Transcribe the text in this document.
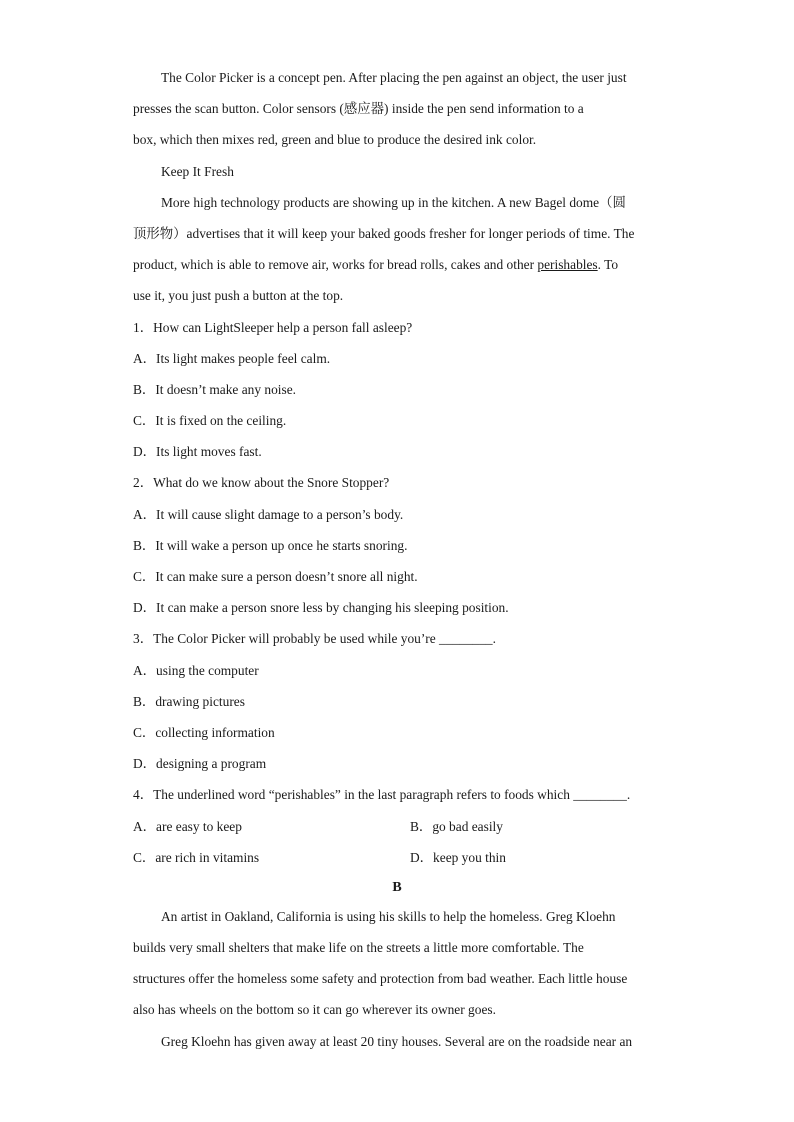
The Color Picker is a concept pen. After placing the pen against an object, the user just

presses the scan button. Color sensors (感应器) inside the pen send information to a

box, which then mixes red, green and blue to produce the desired ink color.

Keep It Fresh

More high technology products are showing up in the kitchen. A new Bagel dome（圆

顶形物）advertises that it will keep your baked goods fresher for longer periods of time. The

product, which is able to remove air, works for bread rolls, cakes and other perishables. To

use it, you just push a button at the top.

1．How can LightSleeper help a person fall asleep?

A．Its light makes people feel calm.

B．It doesn’t make any noise.

C．It is fixed on the ceiling.

D．Its light moves fast.

2．What do we know about the Snore Stopper?

A．It will cause slight damage to a person’s body.

B．It will wake a person up once he starts snoring.

C．It can make sure a person doesn’t snore all night.

D．It can make a person snore less by changing his sleeping position.

3．The Color Picker will probably be used while you’re ________.

A．using the computer

B．drawing pictures

C．collecting information

D．designing a program

4．The underlined word “perishables” in the last paragraph refers to foods which ________.

A．are easy to keep	B．go bad easily
C．are rich in vitamins	D．keep you thin
B

An artist in Oakland, California is using his skills to help the homeless. Greg Kloehn

builds very small shelters that make life on the streets a little more comfortable. The

structures offer the homeless some safety and protection from bad weather. Each little house

also has wheels on the bottom so it can go wherever its owner goes.

Greg Kloehn has given away at least 20 tiny houses. Several are on the roadside near an
